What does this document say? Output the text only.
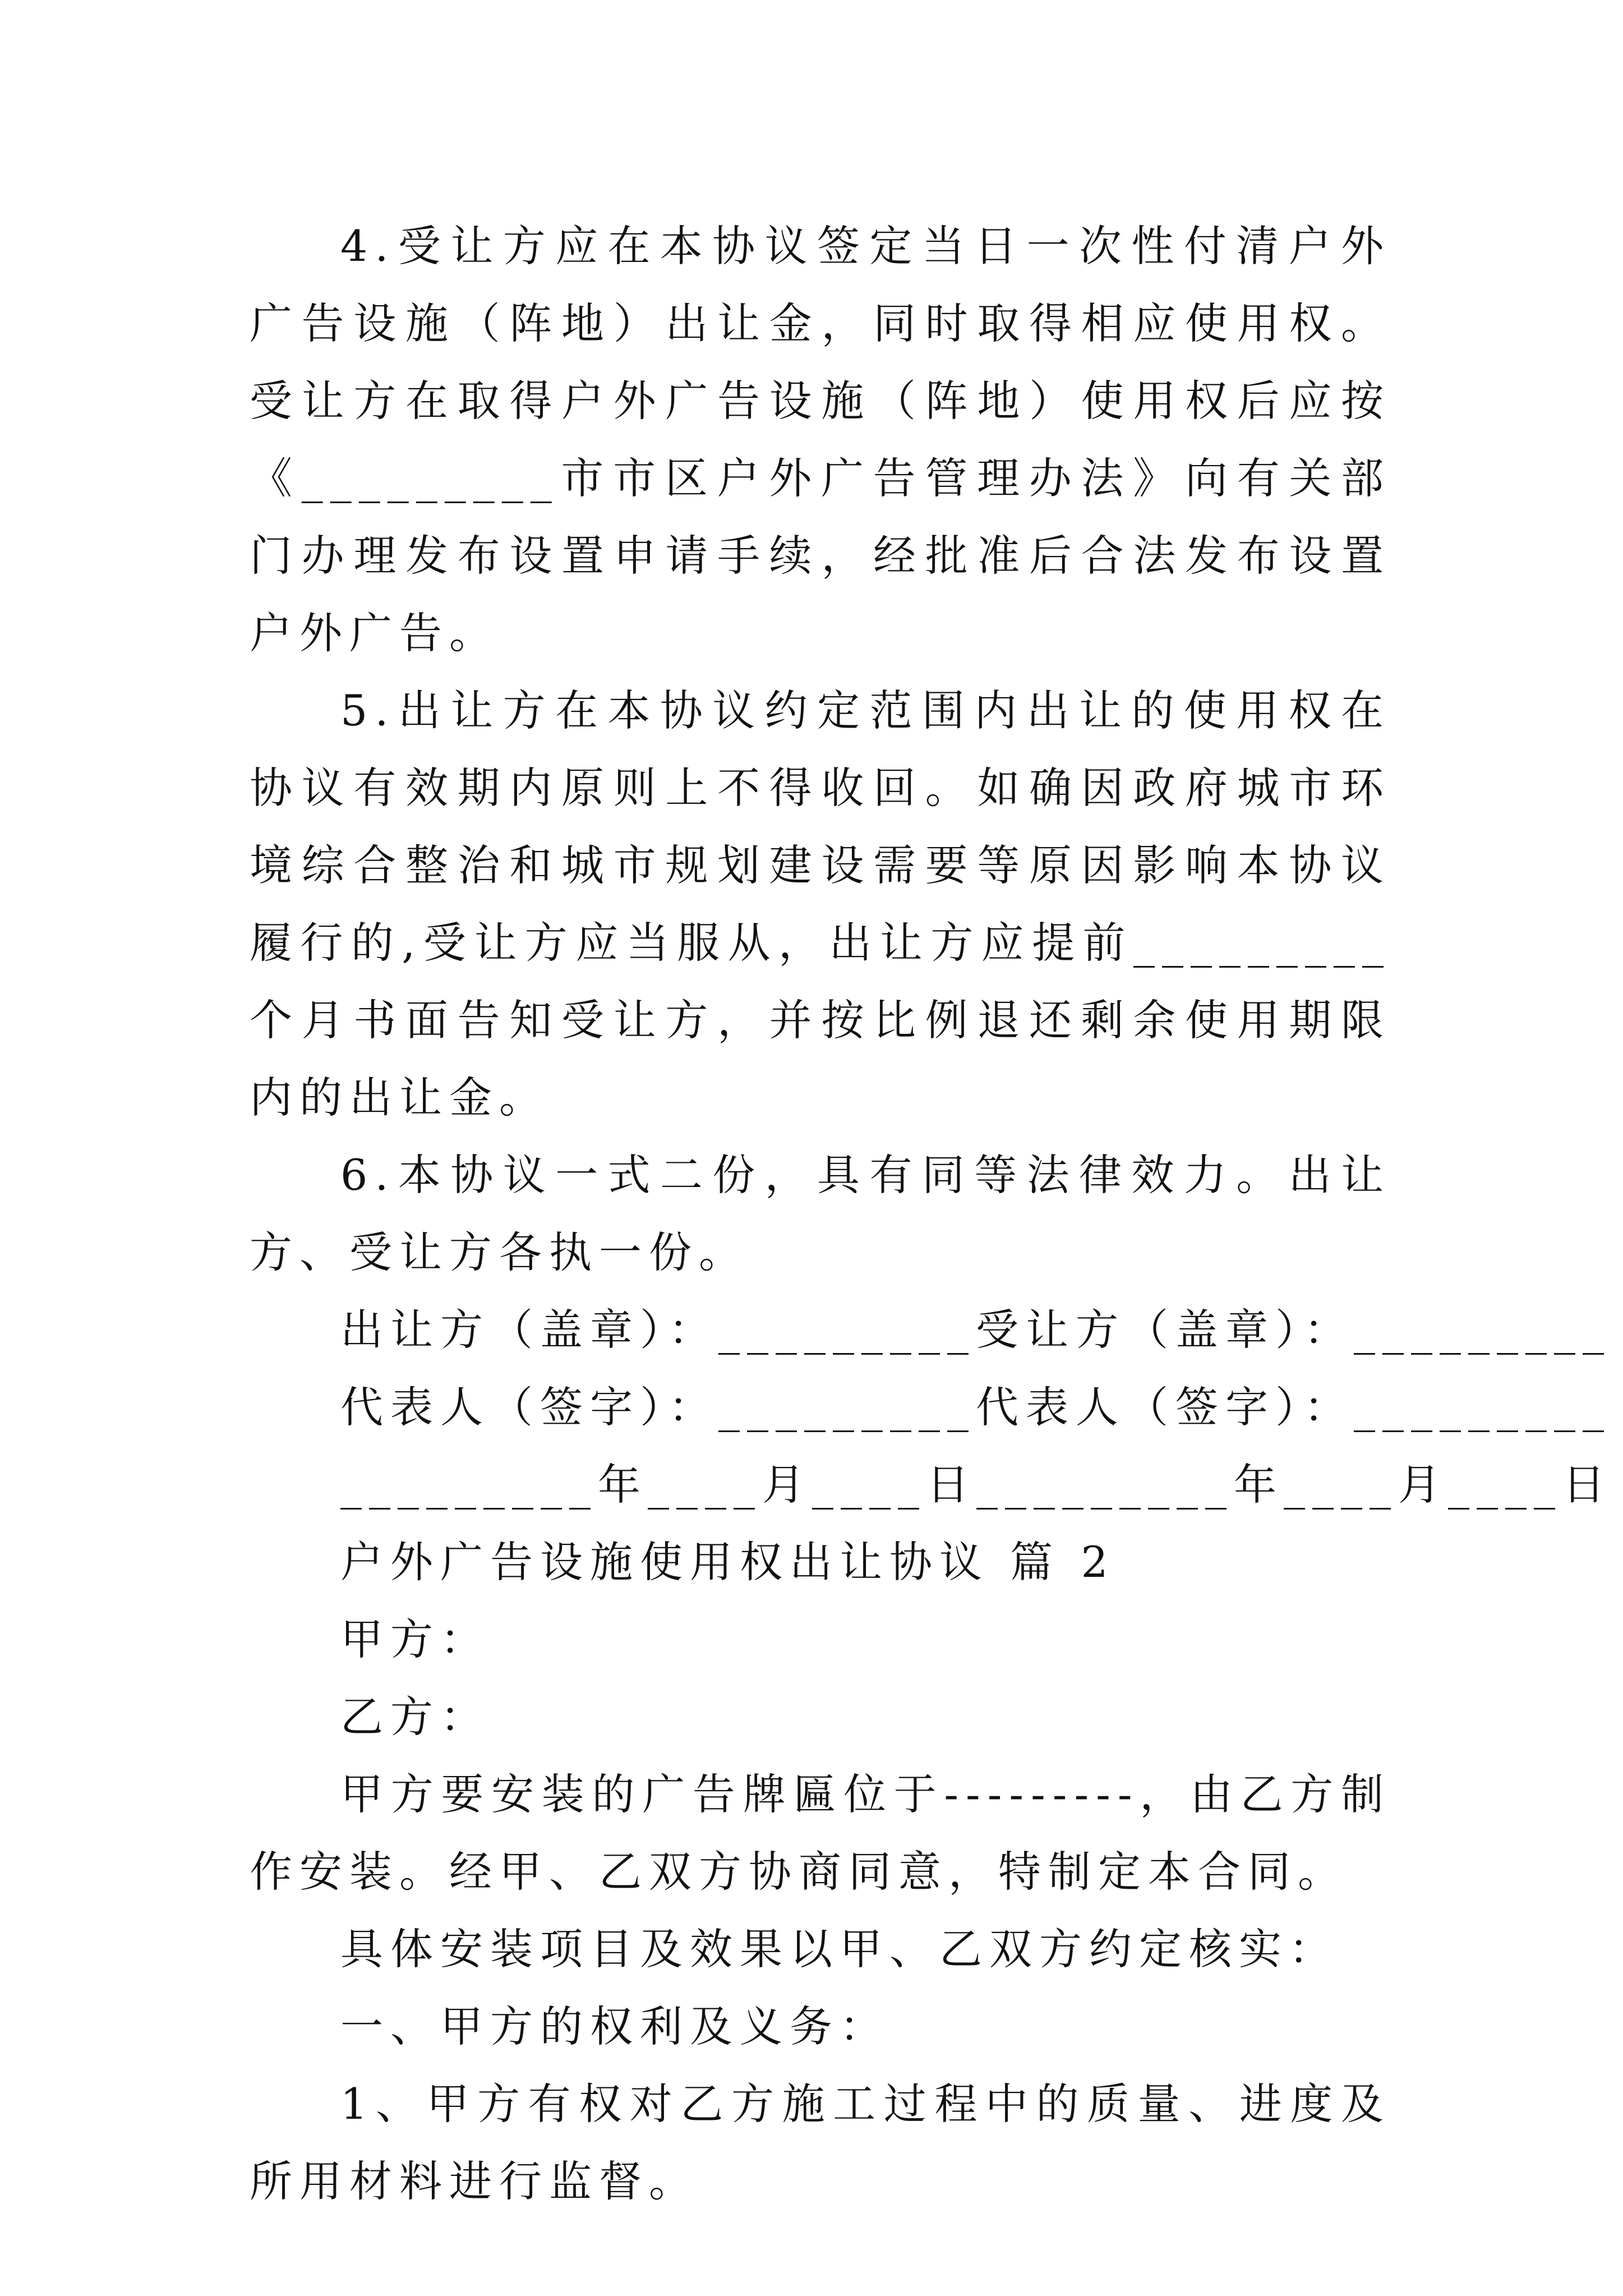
4.受让方应在本协议签定当日一次性付清户外广告设施（阵地）出让金，同时取得相应使用权。受让方在取得户外广告设施（阵地）使用权后应按《_________市市区户外广告管理办法》向有关部门办理发布设置申请手续，经批准后合法发布设置户外广告。

5.出让方在本协议约定范围内出让的使用权在协议有效期内原则上不得收回。如确因政府城市环境综合整治和城市规划建设需要等原因影响本协议履行的,受让方应当服从，出让方应提前_________个月书面告知受让方，并按比例退还剩余使用期限内的出让金。

6.本协议一式二份，具有同等法律效力。出让方、受让方各执一份。

出让方（盖章）：_________受让方（盖章）：_________

代表人（签字）：_________代表人（签字）：_________

_________年____月____日_________年____月____日

户外广告设施使用权出让协议 篇 2

甲方：

乙方：

甲方要安装的广告牌匾位于---------，由乙方制作安装。经甲、乙双方协商同意，特制定本合同。

具体安装项目及效果以甲、乙双方约定核实：

一、甲方的权利及义务：

1、甲方有权对乙方施工过程中的质量、进度及所用材料进行监督。
